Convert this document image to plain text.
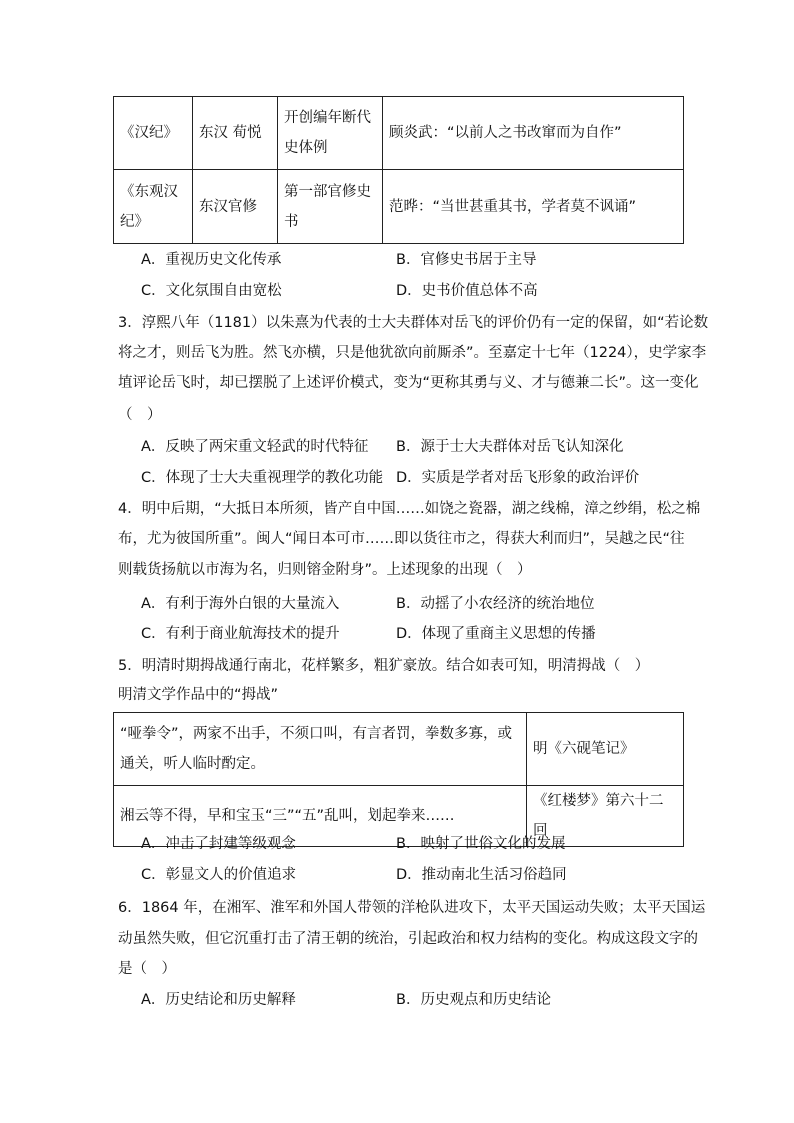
《汉纪》	东汉 荀悦	开创编年断代史体例	顾炎武：“以前人之书改窜而为自作”
《东观汉纪》	东汉官修	第一部官修史书	范晔：“当世甚重其书，学者莫不讽诵”
A．重视历史文化传承	B．官修史书居于主导
C．文化氛围自由宽松	D．史书价值总体不高
3．淳熙八年（1181）以朱熹为代表的士大夫群体对岳飞的评价仍有一定的保留，如“若论数
将之才，则岳飞为胜。然飞亦横，只是他犹欲向前厮杀”。至嘉定十七年（1224），史学家李
埴评论岳飞时，却已摆脱了上述评价模式，变为“更称其勇与义、才与德兼二长”。这一变化
（　）
A．反映了两宋重文轻武的时代特征 B．源于士大夫群体对岳飞认知深化
C．体现了士大夫重视理学的教化功能 D．实质是学者对岳飞形象的政治评价
4．明中后期，“大抵日本所须，皆产自中国……如饶之瓷器，湖之线棉，漳之纱绢，松之棉
布，尤为彼国所重”。闽人“闻日本可市……即以货往市之，得获大利而归”，吴越之民“往
则载货扬航以市海为名，归则镕金附身”。上述现象的出现（　）
A．有利于海外白银的大量流入	B．动摇了小农经济的统治地位
C．有利于商业航海技术的提升	D．体现了重商主义思想的传播
5．明清时期拇战通行南北，花样繁多，粗犷豪放。结合如表可知，明清拇战（　）
明清文学作品中的“拇战”
“哑拳令”，两家不出手，不须口叫，有言者罚，拳数多寡，或通关，听人临时酌定。	明《六砚笔记》
湘云等不得，早和宝玉“三”“五”乱叫，划起拳来……	《红楼梦》第六十二回
A．冲击了封建等级观念	B．映射了世俗文化的发展
C．彰显文人的价值追求	D．推动南北生活习俗趋同
6．1864 年，在湘军、淮军和外国人带领的洋枪队进攻下，太平天国运动失败；太平天国运
动虽然失败，但它沉重打击了清王朝的统治，引起政治和权力结构的变化。构成这段文字的
是（　）
A．历史结论和历史解释	B．历史观点和历史结论
